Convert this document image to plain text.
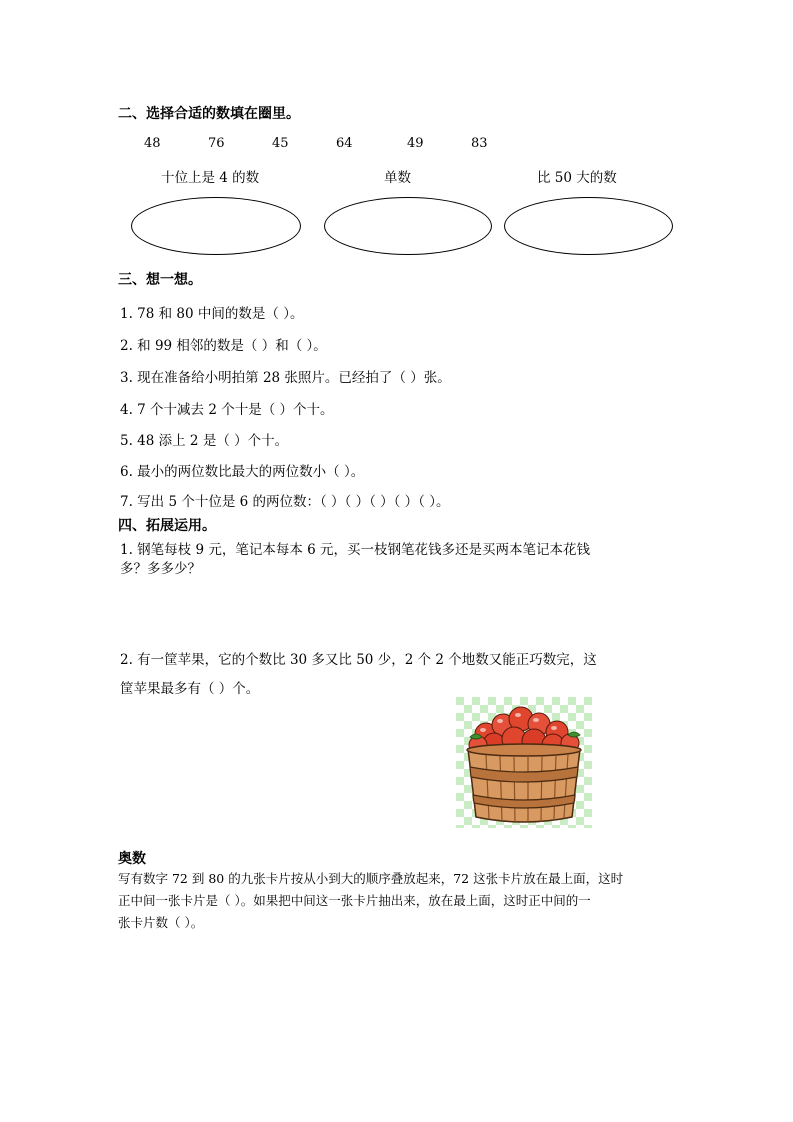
二、选择合适的数填在圈里。
48	76	45	64	49	83
十位上是 4 的数	单数	比 50 大的数
三、想一想。
1. 78 和 80 中间的数是（ ）。
2. 和 99 相邻的数是（ ）和（ ）。
3. 现在准备给小明拍第 28 张照片。已经拍了（ ）张。
4. 7 个十减去 2 个十是（ ）个十。
5. 48 添上 2 是（ ）个十。
6. 最小的两位数比最大的两位数小（ ）。
7. 写出 5 个十位是 6 的两位数：（ ）（ ）（ ）（ ）（ ）。
四、拓展运用。
1. 钢笔每枝 9 元，笔记本每本 6 元，买一枝钢笔花钱多还是买两本笔记本花钱
多？多多少？
2. 有一筐苹果，它的个数比 30 多又比 50 少，2 个 2 个地数又能正巧数完，这
筐苹果最多有（ ）个。
奥数
写有数字 72 到 80 的九张卡片按从小到大的顺序叠放起来，72 这张卡片放在最上面，这时
正中间一张卡片是（ ）。如果把中间这一张卡片抽出来，放在最上面，这时正中间的一
张卡片数（ ）。
